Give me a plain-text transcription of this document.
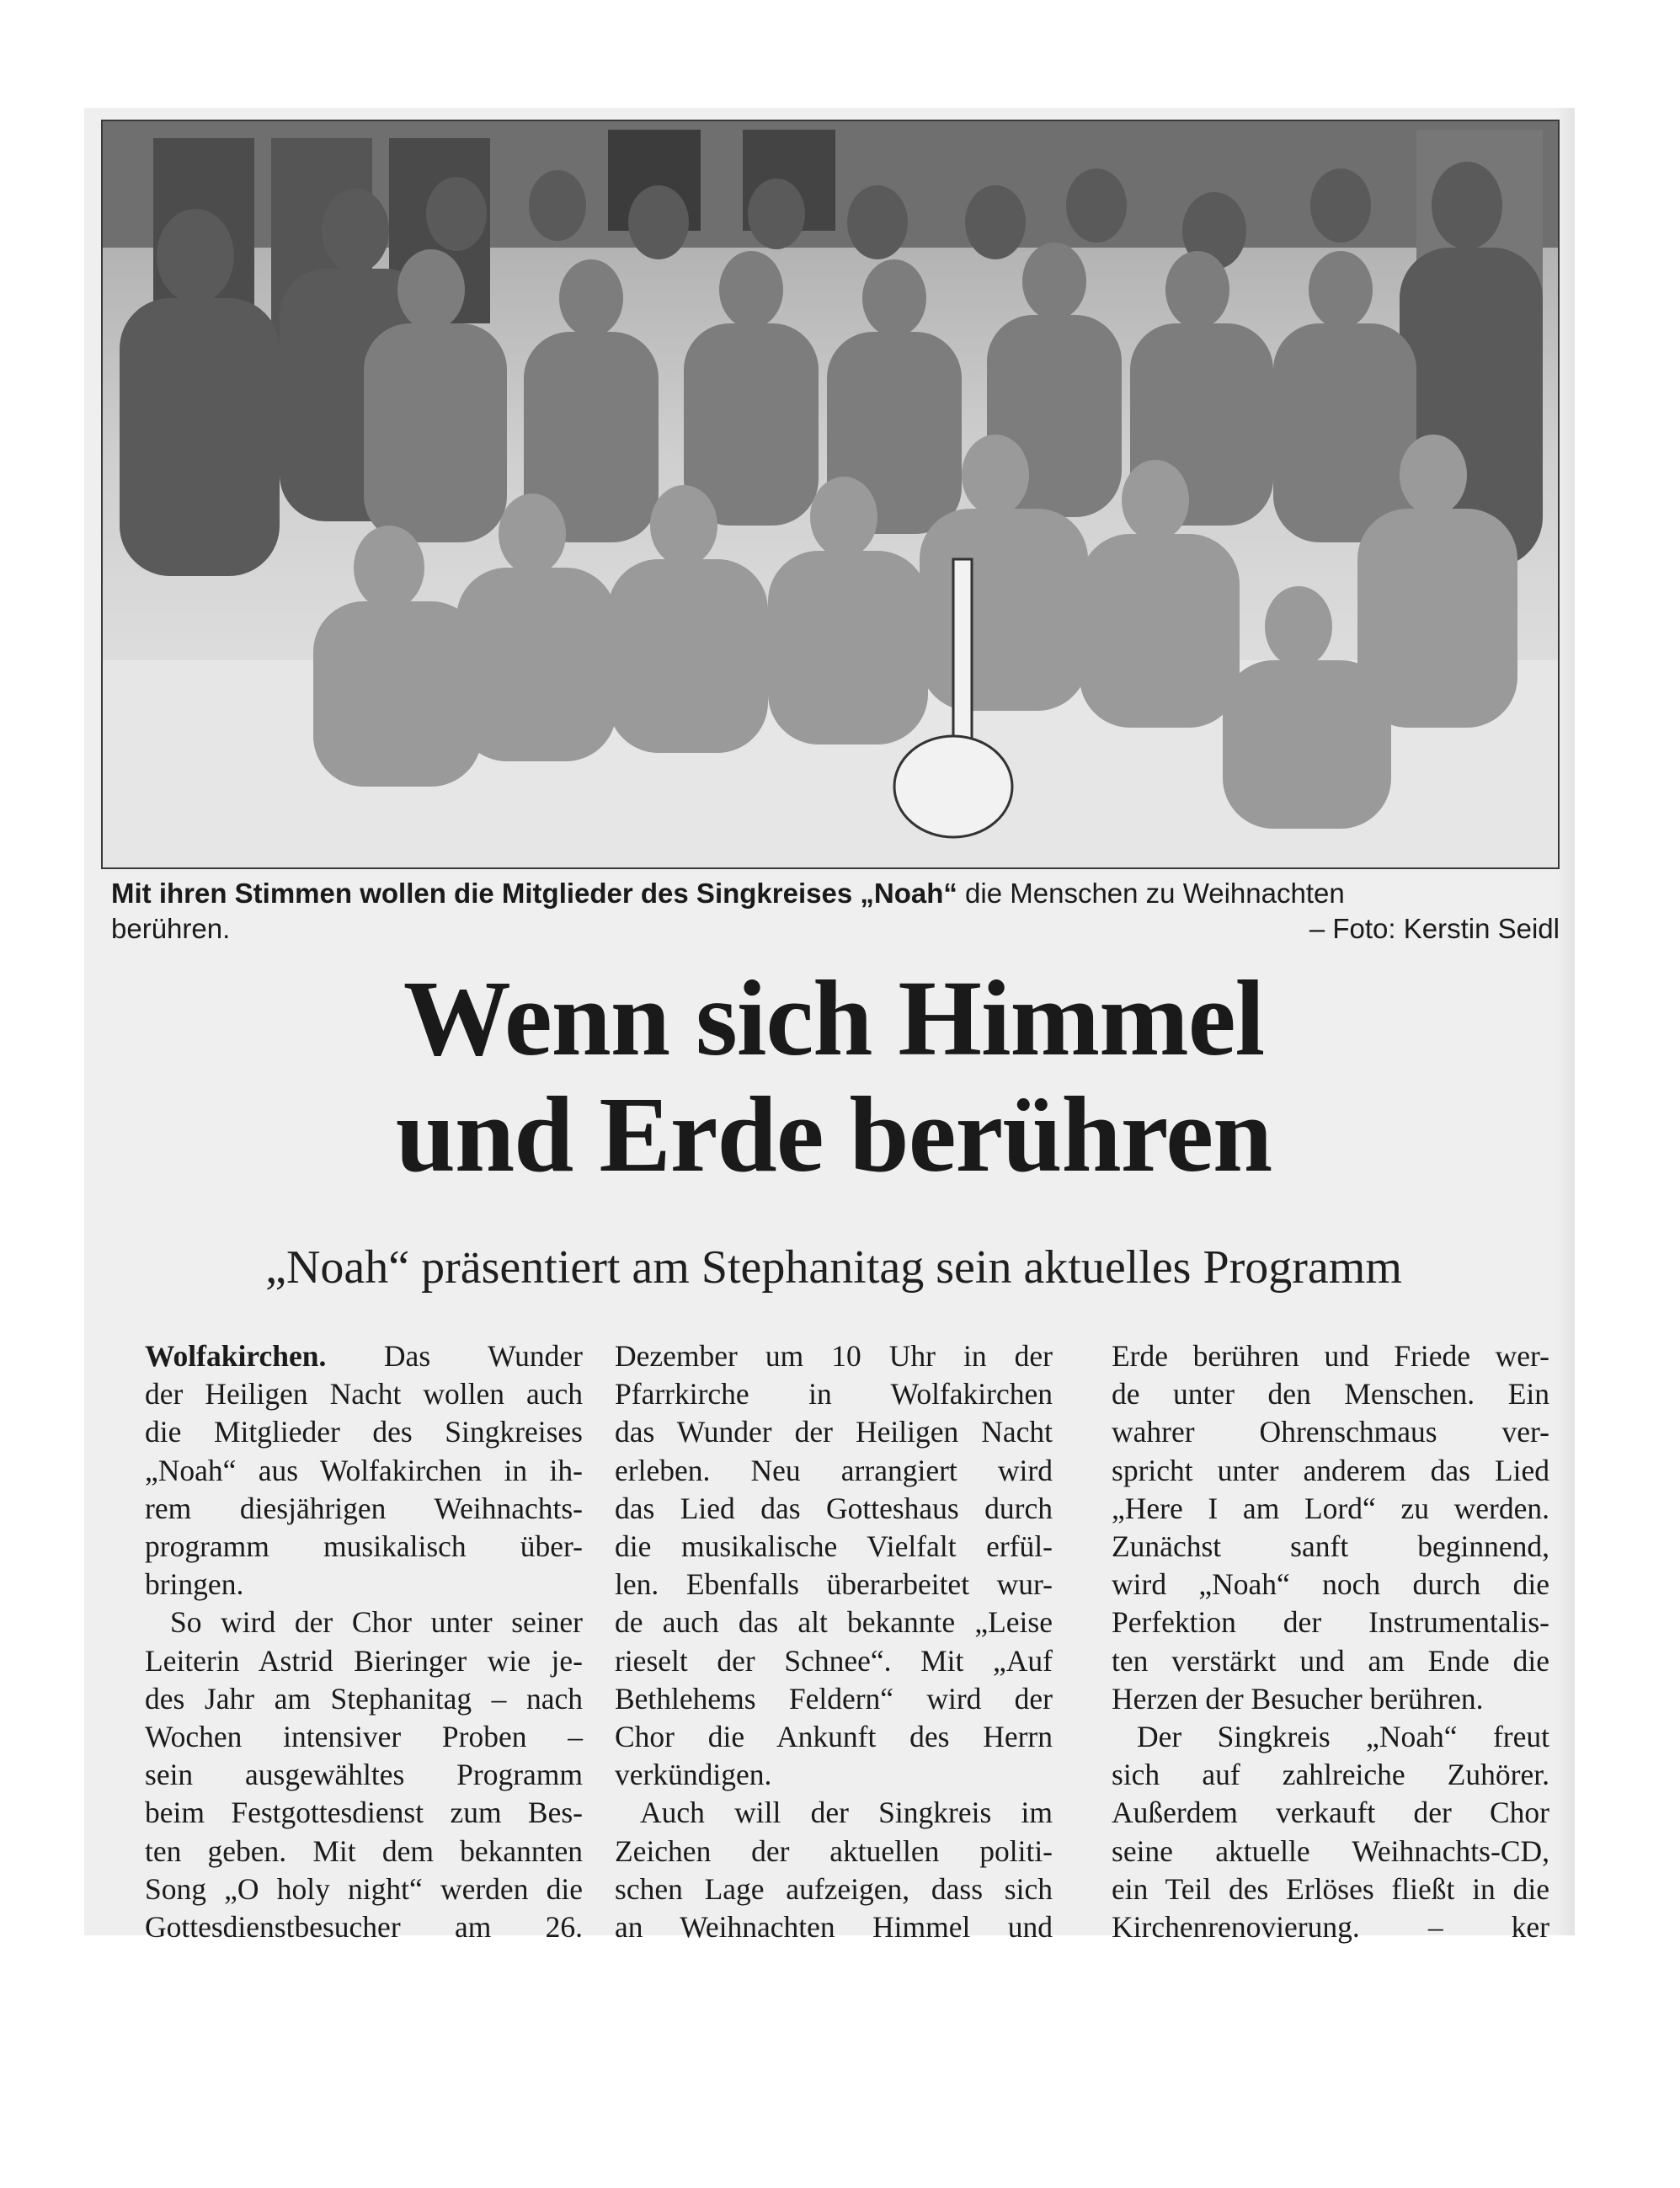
Mit ihren Stimmen wollen die Mitglieder des Singkreises „Noah“ die Menschen zu Weihnachten
berühren.	– Foto: Kerstin Seidl
Wenn sich Himmel
und Erde berühren
„Noah“ präsentiert am Stephanitag sein aktuelles Programm
Wolfakirchen. Das Wunder
der Heiligen Nacht wollen auch
die Mitglieder des Singkreises
„Noah“ aus Wolfakirchen in ih-
rem diesjährigen Weihnachts-
programm musikalisch über-
bringen.
So wird der Chor unter seiner
Leiterin Astrid Bieringer wie je-
des Jahr am Stephanitag – nach
Wochen intensiver Proben –
sein ausgewähltes Programm
beim Festgottesdienst zum Bes-
ten geben. Mit dem bekannten
Song „O holy night“ werden die
Gottesdienstbesucher am 26.
Dezember um 10 Uhr in der
Pfarrkirche in Wolfakirchen
das Wunder der Heiligen Nacht
erleben. Neu arrangiert wird
das Lied das Gotteshaus durch
die musikalische Vielfalt erfül-
len. Ebenfalls überarbeitet wur-
de auch das alt bekannte „Leise
rieselt der Schnee“. Mit „Auf
Bethlehems Feldern“ wird der
Chor die Ankunft des Herrn
verkündigen.
Auch will der Singkreis im
Zeichen der aktuellen politi-
schen Lage aufzeigen, dass sich
an Weihnachten Himmel und
Erde berühren und Friede wer-
de unter den Menschen. Ein
wahrer Ohrenschmaus ver-
spricht unter anderem das Lied
„Here I am Lord“ zu werden.
Zunächst sanft beginnend,
wird „Noah“ noch durch die
Perfektion der Instrumentalis-
ten verstärkt und am Ende die
Herzen der Besucher berühren.
Der Singkreis „Noah“ freut
sich auf zahlreiche Zuhörer.
Außerdem verkauft der Chor
seine aktuelle Weihnachts-CD,
ein Teil des Erlöses fließt in die
Kirchenrenovierung. – ker
